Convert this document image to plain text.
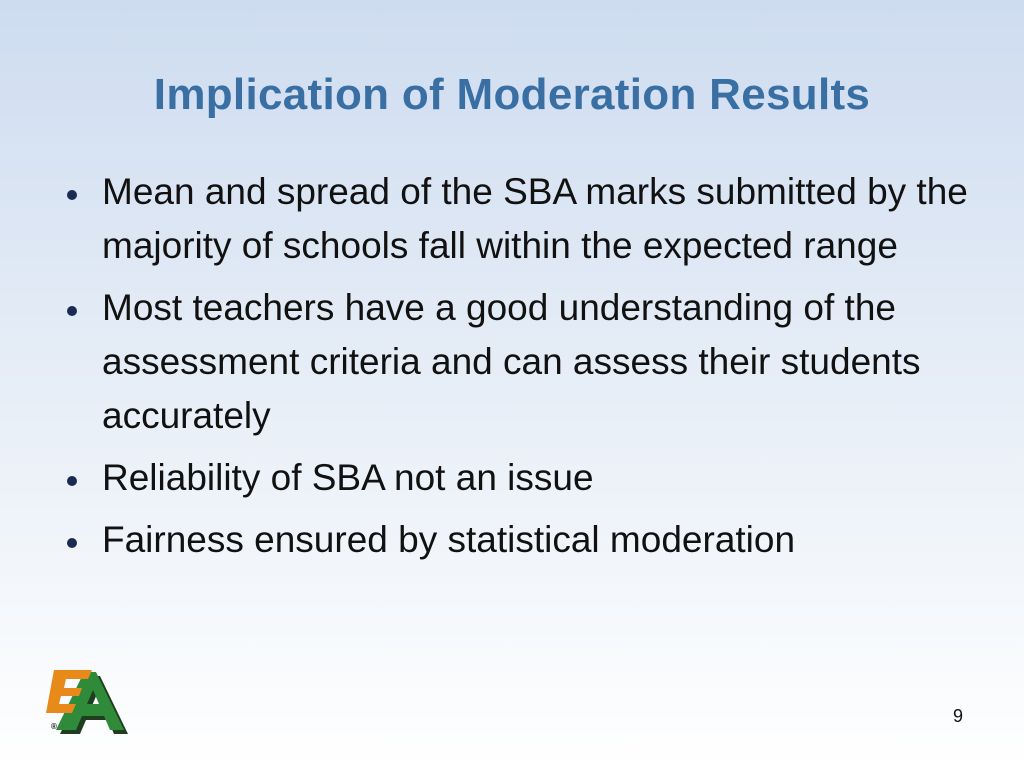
Implication of Moderation Results
Mean and spread of the SBA marks submitted by the majority of schools fall within the expected range
Most teachers have a good understanding of the assessment criteria and can assess their students accurately
Reliability of SBA not an issue
Fairness ensured by statistical moderation
®
9
